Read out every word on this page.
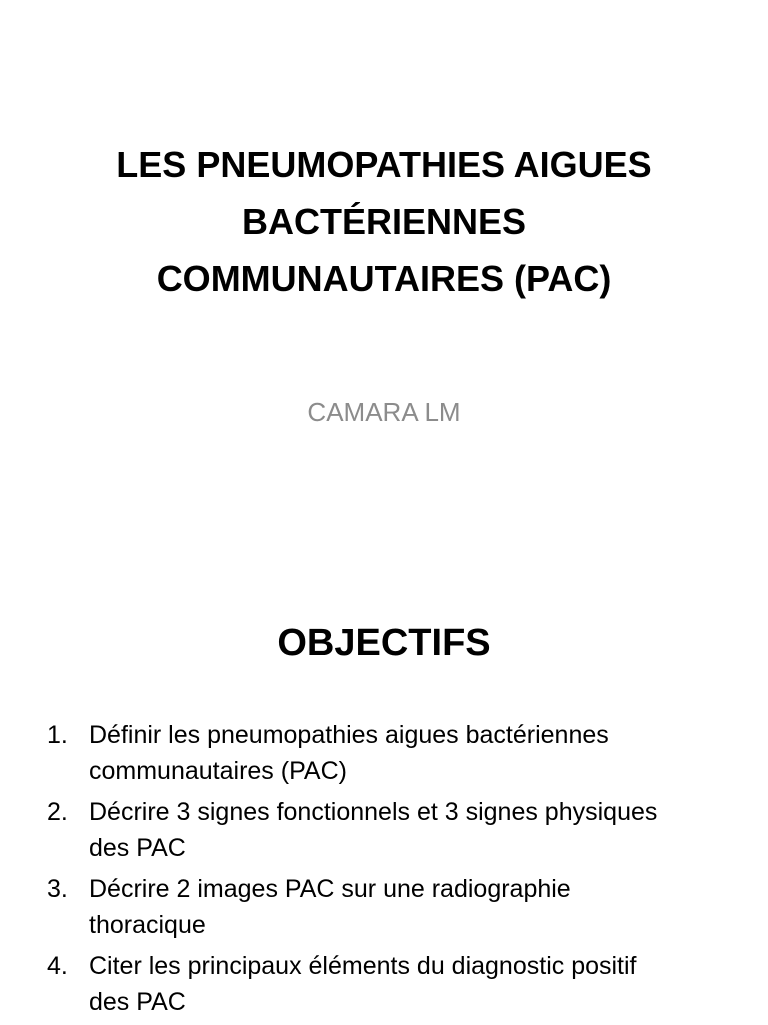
LES PNEUMOPATHIES AIGUES
BACTÉRIENNES
COMMUNAUTAIRES (PAC)
CAMARA LM
OBJECTIFS
1. Définir les pneumopathies aigues bactériennes
communautaires (PAC)
2. Décrire 3 signes fonctionnels et 3 signes physiques
des PAC
3. Décrire 2 images PAC sur une radiographie
thoracique
4. Citer les principaux éléments du diagnostic positif
des PAC
